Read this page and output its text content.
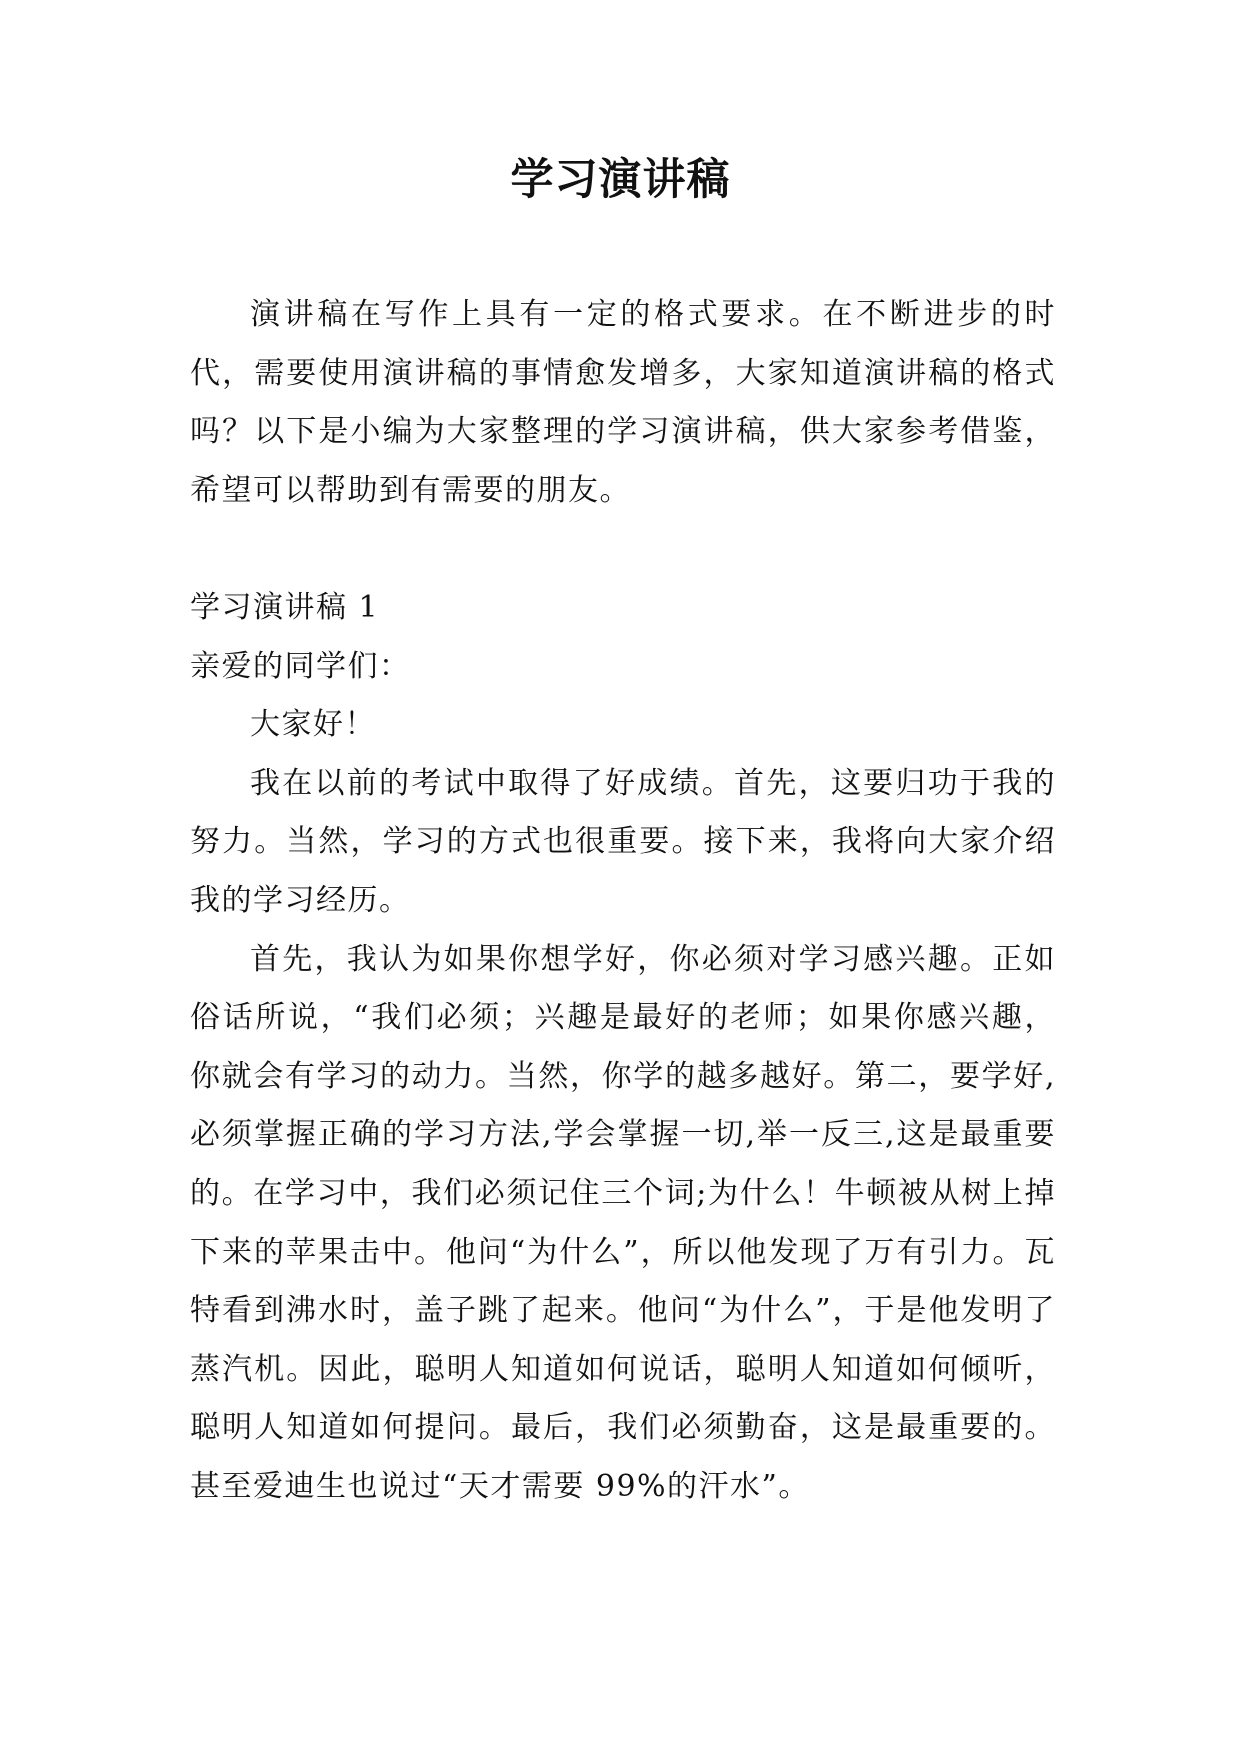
学习演讲稿

演讲稿在写作上具有一定的格式要求。在不断进步的时代，需要使用演讲稿的事情愈发增多，大家知道演讲稿的格式吗？以下是小编为大家整理的学习演讲稿，供大家参考借鉴，希望可以帮助到有需要的朋友。

学习演讲稿 1

亲爱的同学们：

大家好！

我在以前的考试中取得了好成绩。首先，这要归功于我的努力。当然，学习的方式也很重要。接下来，我将向大家介绍我的学习经历。

首先，我认为如果你想学好，你必须对学习感兴趣。正如俗话所说，“我们必须；兴趣是最好的老师；如果你感兴趣，你就会有学习的动力。当然，你学的越多越好。第二，要学好,必须掌握正确的学习方法,学会掌握一切,举一反三,这是最重要的。在学习中，我们必须记住三个词;为什么！牛顿被从树上掉下来的苹果击中。他问“为什么”，所以他发现了万有引力。瓦特看到沸水时，盖子跳了起来。他问“为什么”，于是他发明了蒸汽机。因此，聪明人知道如何说话，聪明人知道如何倾听，聪明人知道如何提问。最后，我们必须勤奋，这是最重要的。甚至爱迪生也说过“天才需要 99%的汗水”。
